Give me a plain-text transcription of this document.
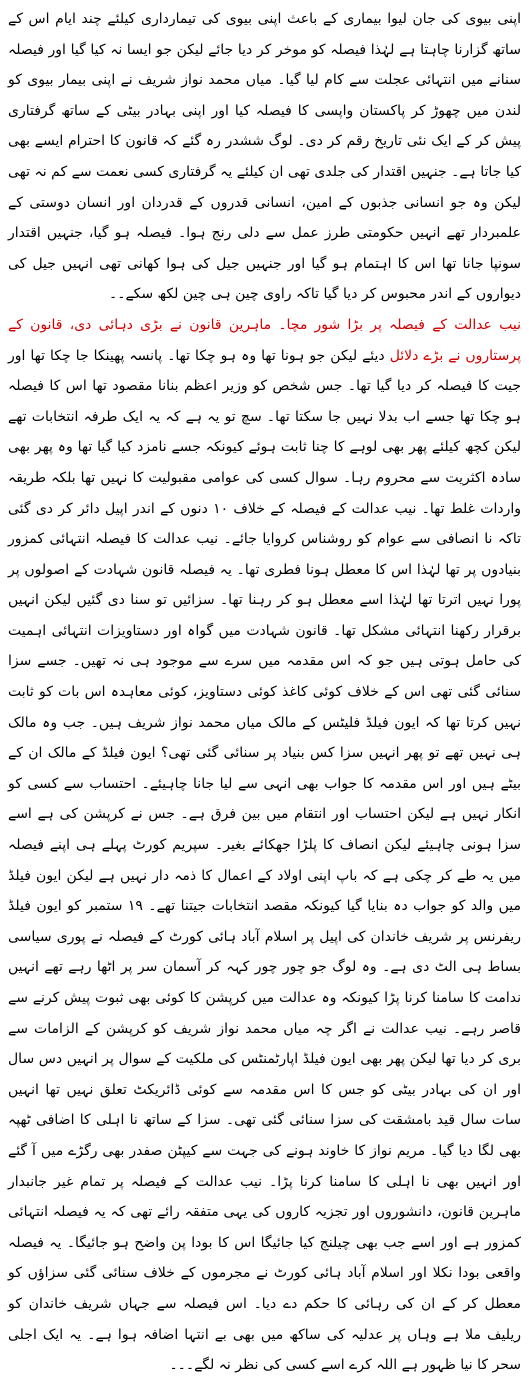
اپنی بیوی کی جان لیوا بیماری کے باعث اپنی بیوی کی تیمارداری کیلئے چند ایام اس کے ساتھ گزارنا چاہتا ہے لہٰذا فیصلہ کو موخر کر دیا جائے لیکن جو ایسا نہ کیا گیا اور فیصلہ سنانے میں انتہائی عجلت سے کام لیا گیا۔ میاں محمد نواز شریف نے اپنی بیمار بیوی کو لندن میں چھوڑ کر پاکستان واپسی کا فیصلہ کیا اور اپنی بہادر بیٹی کے ساتھ گرفتاری پیش کر کے ایک نئی تاریخ رقم کر دی۔ لوگ ششدر رہ گئے کہ قانون کا احترام ایسے بھی کیا جاتا ہے۔ جنہیں اقتدار کی جلدی تھی ان کیلئے یہ گرفتاری کسی نعمت سے کم نہ تھی لیکن وہ جو انسانی جذبوں کے امین، انسانی قدروں کے قدردان اور انسان دوستی کے علمبردار تھے انہیں حکومتی طرز عمل سے دلی رنج ہوا۔ فیصلہ ہو گیا، جنہیں اقتدار سونپا جانا تھا اس کا اہتمام ہو گیا اور جنہیں جیل کی ہوا کھانی تھی انہیں جیل کی دیواروں کے اندر محبوس کر دیا گیا تاکہ راوی چین ہی چین لکھ سکے۔۔

نیب عدالت کے فیصلہ پر بڑا شور مچا۔ ماہرین قانون نے بڑی دہائی دی، قانون کے پرستاروں نے بڑے دلائل دیئے لیکن جو ہونا تھا وہ ہو چکا تھا۔ پانسہ پھینکا جا چکا تھا اور جیت کا فیصلہ کر دیا گیا تھا۔ جس شخص کو وزیر اعظم بنانا مقصود تھا اس کا فیصلہ ہو چکا تھا جسے اب بدلا نہیں جا سکتا تھا۔ سچ تو یہ ہے کہ یہ ایک طرفہ انتخابات تھے لیکن کچھ کیلئے پھر بھی لوہے کا چنا ثابت ہوئے کیونکہ جسے نامزد کیا گیا تھا وہ پھر بھی سادہ اکثریت سے محروم رہا۔ سوال کسی کی عوامی مقبولیت کا نہیں تھا بلکہ طریقہ واردات غلط تھا۔ نیب عدالت کے فیصلہ کے خلاف ۱۰ دنوں کے اندر اپیل دائر کر دی گئی تاکہ نا انصافی سے عوام کو روشناس کروایا جائے۔ نیب عدالت کا فیصلہ انتہائی کمزور بنیادوں پر تھا لہٰذا اس کا معطل ہونا فطری تھا۔ یہ فیصلہ قانون شہادت کے اصولوں پر پورا نہیں اترتا تھا لہٰذا اسے معطل ہو کر رہنا تھا۔ سزائیں تو سنا دی گئیں لیکن انہیں برقرار رکھنا انتہائی مشکل تھا۔ قانون شہادت میں گواہ اور دستاویزات انتہائی اہمیت کی حامل ہوتی ہیں جو کہ اس مقدمہ میں سرے سے موجود ہی نہ تھیں۔ جسے سزا سنائی گئی تھی اس کے خلاف کوئی کاغذ کوئی دستاویز، کوئی معاہدہ اس بات کو ثابت نہیں کرتا تھا کہ ایون فیلڈ فلیٹس کے مالک میاں محمد نواز شریف ہیں۔ جب وہ مالک ہی نہیں تھے تو پھر انہیں سزا کس بنیاد پر سنائی گئی تھی؟ ایون فیلڈ کے مالک ان کے بیٹے ہیں اور اس مقدمہ کا جواب بھی انہی سے لیا جانا چاہیئے۔ احتساب سے کسی کو انکار نہیں ہے لیکن احتساب اور انتقام میں بین فرق ہے۔ جس نے کرپشن کی ہے اسے سزا ہونی چاہیئے لیکن انصاف کا پلڑا جھکائے بغیر۔ سپریم کورٹ پہلے ہی اپنے فیصلہ میں یہ طے کر چکی ہے کہ باپ اپنی اولاد کے اعمال کا ذمہ دار نہیں ہے لیکن ایون فیلڈ میں والد کو جواب دہ بنایا گیا کیونکہ مقصد انتخابات جیتنا تھے۔ ۱۹ ستمبر کو ایون فیلڈ ریفرنس پر شریف خاندان کی اپیل پر اسلام آباد ہائی کورٹ کے فیصلہ نے پوری سیاسی بساط ہی الٹ دی ہے۔ وہ لوگ جو چور چور کہہ کر آسمان سر پر اٹھا رہے تھے انہیں ندامت کا سامنا کرنا پڑا کیونکہ وہ عدالت میں کرپشن کا کوئی بھی ثبوت پیش کرنے سے قاصر رہے۔ نیب عدالت نے اگر چہ میاں محمد نواز شریف کو کرپشن کے الزامات سے بری کر دیا تھا لیکن پھر بھی ایون فیلڈ اپارٹمنٹس کی ملکیت کے سوال پر انہیں دس سال اور ان کی بہادر بیٹی کو جس کا اس مقدمہ سے کوئی ڈائریکٹ تعلق نہیں تھا انہیں سات سال قید بامشقت کی سزا سنائی گئی تھی۔ سزا کے ساتھ نا اہلی کا اضافی ٹھپہ بھی لگا دیا گیا۔ مریم نواز کا خاوند ہونے کی جہت سے کیپٹن صفدر بھی رگڑے میں آ گئے اور انہیں بھی نا اہلی کا سامنا کرنا پڑا۔ نیب عدالت کے فیصلہ پر تمام غیر جانبدار ماہرین قانون، دانشوروں اور تجزیہ کاروں کی یہی متفقہ رائے تھی کہ یہ فیصلہ انتہائی کمزور ہے اور اسے جب بھی چیلنج کیا جائیگا اس کا بودا پن واضح ہو جائیگا۔ یہ فیصلہ واقعی بودا نکلا اور اسلام آباد ہائی کورٹ نے مجرموں کے خلاف سنائی گئی سزاؤں کو معطل کر کے ان کی رہائی کا حکم دے دیا۔ اس فیصلہ سے جہاں شریف خاندان کو ریلیف ملا ہے وہاں پر عدلیہ کی ساکھ میں بھی بے انتہا اضافہ ہوا ہے۔ یہ ایک اجلی سحر کا نیا ظہور ہے اللہ کرے اسے کسی کی نظر نہ لگے۔۔۔
